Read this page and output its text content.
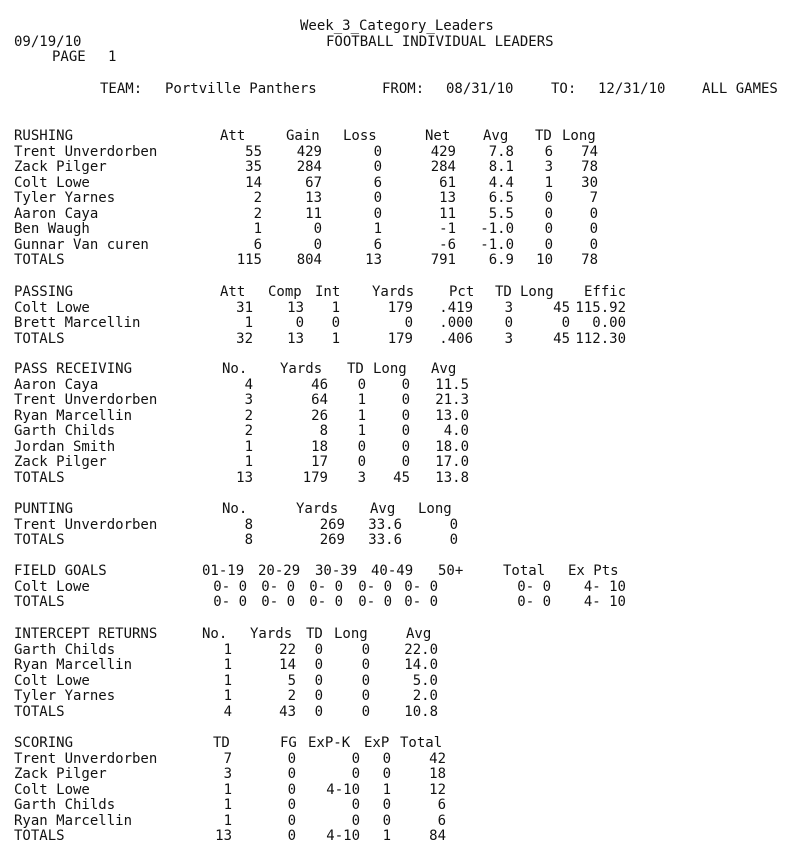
Week_3_Category_Leaders
09/19/10	FOOTBALL INDIVIDUAL LEADERS
PAGE 1
TEAM: Portville Panthers	FROM: 08/31/10	TO: 12/31/10	ALL GAMES
RUSHING	Att	Gain Loss	Net Avg TD Long
Trent Unverdorben	55	429	0	429	7.8	6	74
Zack Pilger	35	284	0	284	8.1	3	78
Colt Lowe	14	67	6	61	4.4	1	30
Tyler Yarnes	2	13	0	13	6.5	0	7
Aaron Caya	2	11	0	11	5.5	0	0
Ben Waugh	1	0	1	-1	-1.0	0	0
Gunnar Van curen	6	0	6	-6	-1.0	0	0
TOTALS	115	804	13	791	6.9	10	78
PASSING	Att Comp Int Yards Pct TD Long Effic
Colt Lowe	31	13	1	179	.419	3	45 115.92
Brett Marcellin	1	0	0	0	.000	0	0	0.00
TOTALS	32	13	1	179	.406	3	45 112.30
PASS RECEIVING	No. Yards TD Long Avg
Aaron Caya	4	46	0	0	11.5
Trent Unverdorben	3	64	1	0	21.3
Ryan Marcellin	2	26	1	0	13.0
Garth Childs	2	8	1	0	4.0
Jordan Smith	1	18	0	0	18.0
Zack Pilger	1	17	0	0	17.0
TOTALS	13	179	3	45	13.8
PUNTING	No.	Yards Avg Long
Trent Unverdorben	8	269	33.6	0
TOTALS	8	269	33.6	0
FIELD GOALS	01-19 20-29 30-39 40-49 50+	Total Ex Pts
Colt Lowe	0- 0	0- 0	0- 0	0- 0 0- 0	0- 0	4- 10
TOTALS	0- 0	0- 0	0- 0	0- 0 0- 0	0- 0	4- 10
INTERCEPT RETURNS	No. Yards TD Long	Avg
Garth Childs	1	22	0	0	22.0
Ryan Marcellin	1	14	0	0	14.0
Colt Lowe	1	5	0	0	5.0
Tyler Yarnes	1	2	0	0	2.0
TOTALS	4	43	0	0	10.8
SCORING	TD	FG ExP-K ExP Total
Trent Unverdorben	7	0	0	0	42
Zack Pilger	3	0	0	0	18
Colt Lowe	1	0	4-10	1	12
Garth Childs	1	0	0	0	6
Ryan Marcellin	1	0	0	0	6
TOTALS	13	0	4-10	1	84
